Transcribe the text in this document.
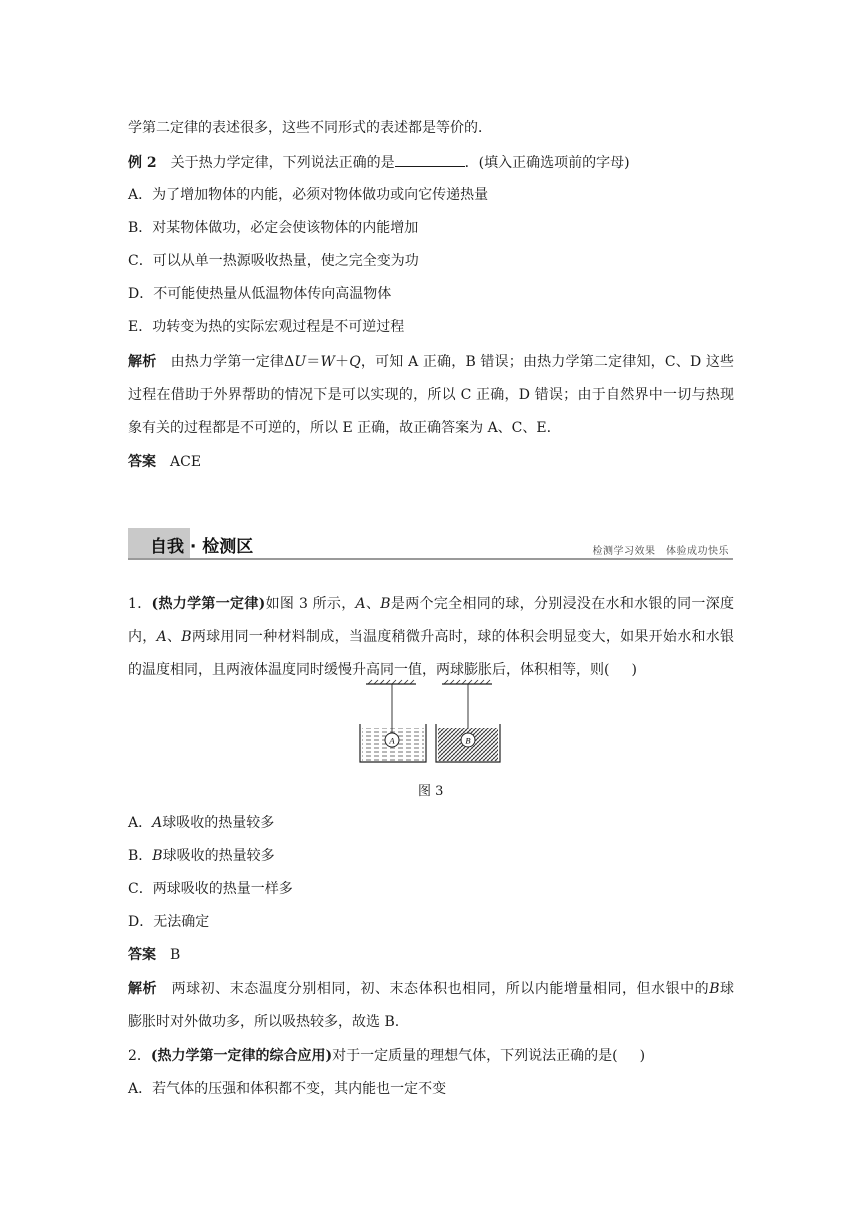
学第二定律的表述很多，这些不同形式的表述都是等价的．
例 2 关于热力学定律，下列说法正确的是	．(填入正确选项前的字母)
A．为了增加物体的内能，必须对物体做功或向它传递热量
B．对某物体做功，必定会使该物体的内能增加
C．可以从单一热源吸收热量，使之完全变为功
D．不可能使热量从低温物体传向高温物体
E．功转变为热的实际宏观过程是不可逆过程
解析 由热力学第一定律ΔU＝W＋Q，可知 A 正确，B 错误；由热力学第二定律知，C、D 这些
过程在借助于外界帮助的情况下是可以实现的，所以 C 正确，D 错误；由于自然界中一切与热现
象有关的过程都是不可逆的，所以 E 正确，故正确答案为 A、C、E.
答案 ACE
自我 · 检测区	检测学习效果　体验成功快乐
1．(热力学第一定律)如图 3 所示，A、B是两个完全相同的球，分别浸没在水和水银的同一深度
内，A、B两球用同一种材料制成，当温度稍微升高时，球的体积会明显变大，如果开始水和水银
的温度相同，且两液体温度同时缓慢升高同一值，两球膨胀后，体积相等，则( )
A	B
图 3
A．A球吸收的热量较多
B．B球吸收的热量较多
C．两球吸收的热量一样多
D．无法确定
答案 B
解析 两球初、末态温度分别相同，初、末态体积也相同，所以内能增量相同，但水银中的B球
膨胀时对外做功多，所以吸热较多，故选 B.
2．(热力学第一定律的综合应用)对于一定质量的理想气体，下列说法正确的是( )
A．若气体的压强和体积都不变，其内能也一定不变
